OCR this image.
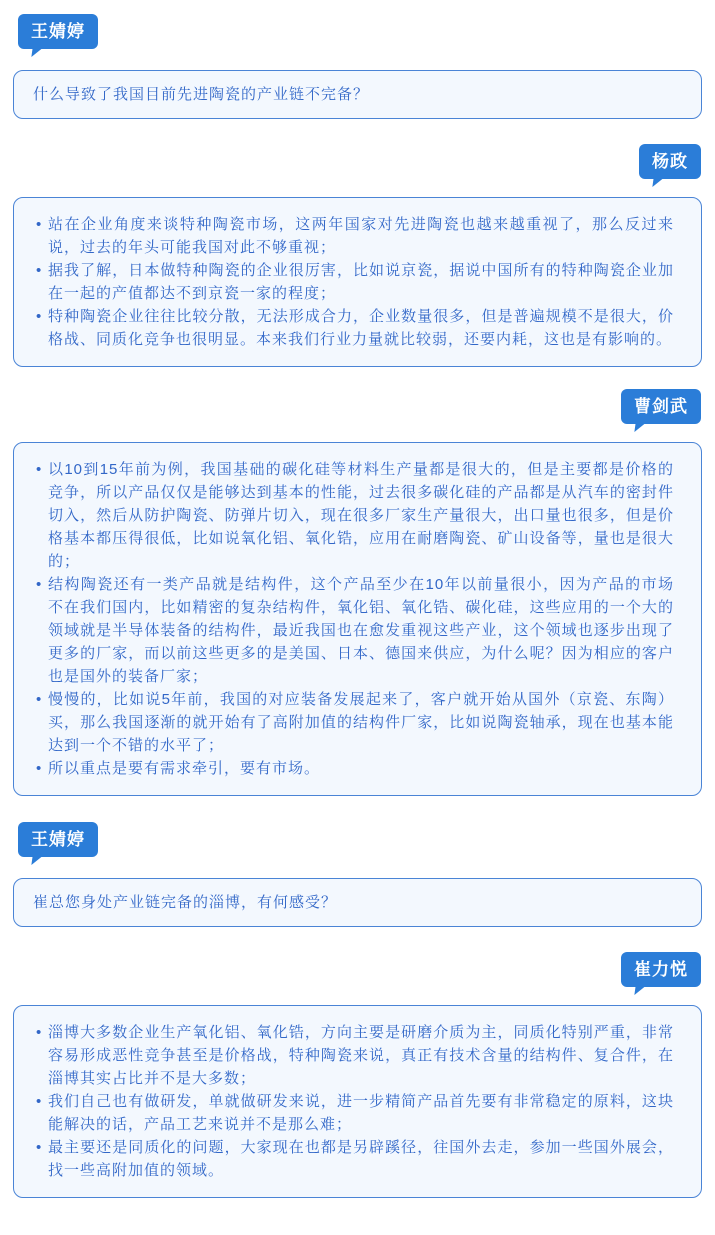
王婧婷

什么导致了我国目前先进陶瓷的产业链不完备？

杨政
• 站在企业角度来谈特种陶瓷市场，这两年国家对先进陶瓷也越来越重视了，那么反过来说，过去的年头可能我国对此不够重视；
• 据我了解，日本做特种陶瓷的企业很厉害，比如说京瓷，据说中国所有的特种陶瓷企业加在一起的产值都达不到京瓷一家的程度；
• 特种陶瓷企业往往比较分散，无法形成合力，企业数量很多，但是普遍规模不是很大，价格战、同质化竞争也很明显。本来我们行业力量就比较弱，还要内耗，这也是有影响的。
曹剑武
• 以10到15年前为例，我国基础的碳化硅等材料生产量都是很大的，但是主要都是价格的竞争，所以产品仅仅是能够达到基本的性能，过去很多碳化硅的产品都是从汽车的密封件切入，然后从防护陶瓷、防弹片切入，现在很多厂家生产量很大，出口量也很多，但是价格基本都压得很低，比如说氧化铝、氧化锆，应用在耐磨陶瓷、矿山设备等，量也是很大的；
• 结构陶瓷还有一类产品就是结构件，这个产品至少在10年以前量很小，因为产品的市场不在我们国内，比如精密的复杂结构件，氧化铝、氧化锆、碳化硅，这些应用的一个大的领域就是半导体装备的结构件，最近我国也在愈发重视这些产业，这个领域也逐步出现了更多的厂家，而以前这些更多的是美国、日本、德国来供应，为什么呢？因为相应的客户也是国外的装备厂家；
• 慢慢的，比如说5年前，我国的对应装备发展起来了，客户就开始从国外（京瓷、东陶）买，那么我国逐渐的就开始有了高附加值的结构件厂家，比如说陶瓷轴承，现在也基本能达到一个不错的水平了；
• 所以重点是要有需求牵引，要有市场。
王婧婷

崔总您身处产业链完备的淄博，有何感受？

崔力悦
• 淄博大多数企业生产氧化铝、氧化锆，方向主要是研磨介质为主，同质化特别严重，非常容易形成恶性竞争甚至是价格战，特种陶瓷来说，真正有技术含量的结构件、复合件，在淄博其实占比并不是大多数；
• 我们自己也有做研发，单就做研发来说，进一步精简产品首先要有非常稳定的原料，这块能解决的话，产品工艺来说并不是那么难；
• 最主要还是同质化的问题，大家现在也都是另辟蹊径，往国外去走，参加一些国外展会，找一些高附加值的领域。
